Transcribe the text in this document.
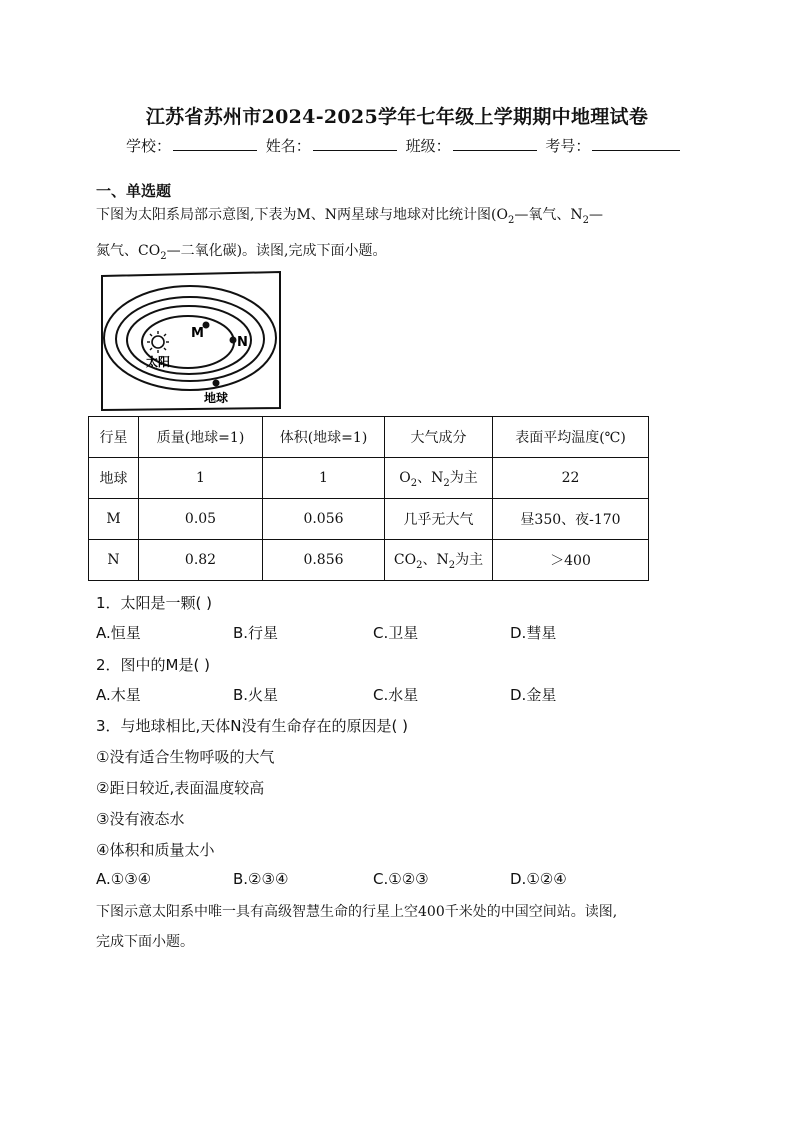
江苏省苏州市2024-2025学年七年级上学期期中地理试卷
学校：	姓名：	班级：	考号：
一、单选题
下图为太阳系局部示意图,下表为M、N两星球与地球对比统计图($O_2—$氧气、$N_2—$
氮气、$CO_2—$二氧化碳)。读图,完成下面小题。
太阳
M
N
地球
行星	质量(地球=1)	体积(地球=1)	大气成分	表面平均温度(℃)
地球	1	1	$O_2$、$N_2$为主	22
M	0.05	0.056	几乎无大气	昼350、夜-170
N	0.82	0.856	$CO_2$、$N_2$为主	＞400
1．太阳是一颗( )
A.恒星	B.行星	C.卫星	D.彗星
2．图中的M是( )
A.木星	B.火星	C.水星	D.金星
3．与地球相比,天体N没有生命存在的原因是( )
①没有适合生物呼吸的大气
②距日较近,表面温度较高
③没有液态水
④体积和质量太小
A.①③④	B.②③④	C.①②③	D.①②④
下图示意太阳系中唯一具有高级智慧生命的行星上空400千米处的中国空间站。读图,
完成下面小题。
